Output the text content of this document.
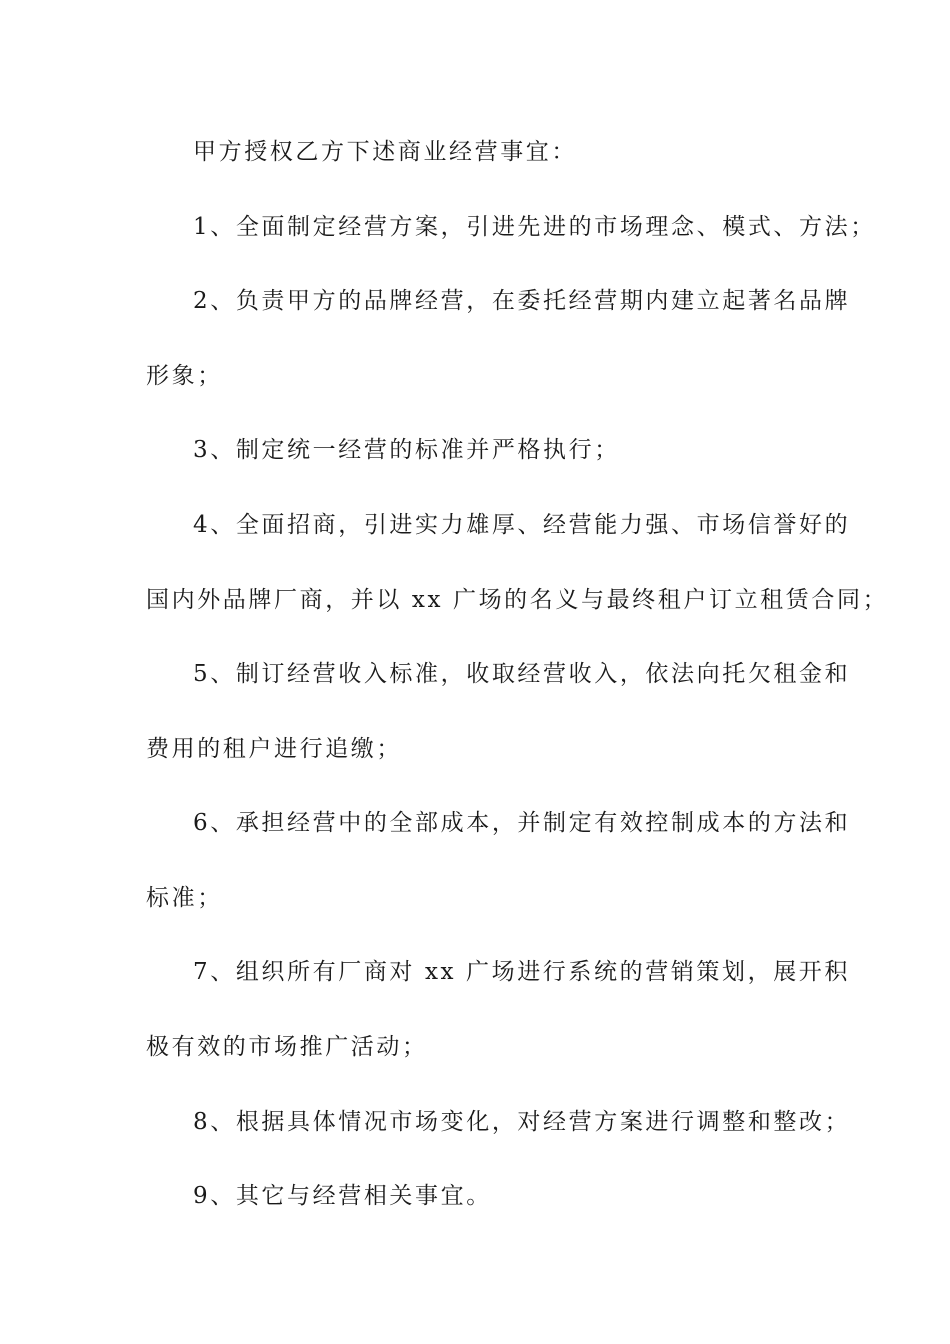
甲方授权乙方下述商业经营事宜：
1、全面制定经营方案，引进先进的市场理念、模式、方法；
2、负责甲方的品牌经营，在委托经营期内建立起著名品牌
形象；
3、制定统一经营的标准并严格执行；
4、全面招商，引进实力雄厚、经营能力强、市场信誉好的
国内外品牌厂商，并以 xx 广场的名义与最终租户订立租赁合同；
5、制订经营收入标准，收取经营收入，依法向托欠租金和
费用的租户进行追缴；
6、承担经营中的全部成本，并制定有效控制成本的方法和
标准；
7、组织所有厂商对 xx 广场进行系统的营销策划，展开积
极有效的市场推广活动；
8、根据具体情况市场变化，对经营方案进行调整和整改；
9、其它与经营相关事宜。
